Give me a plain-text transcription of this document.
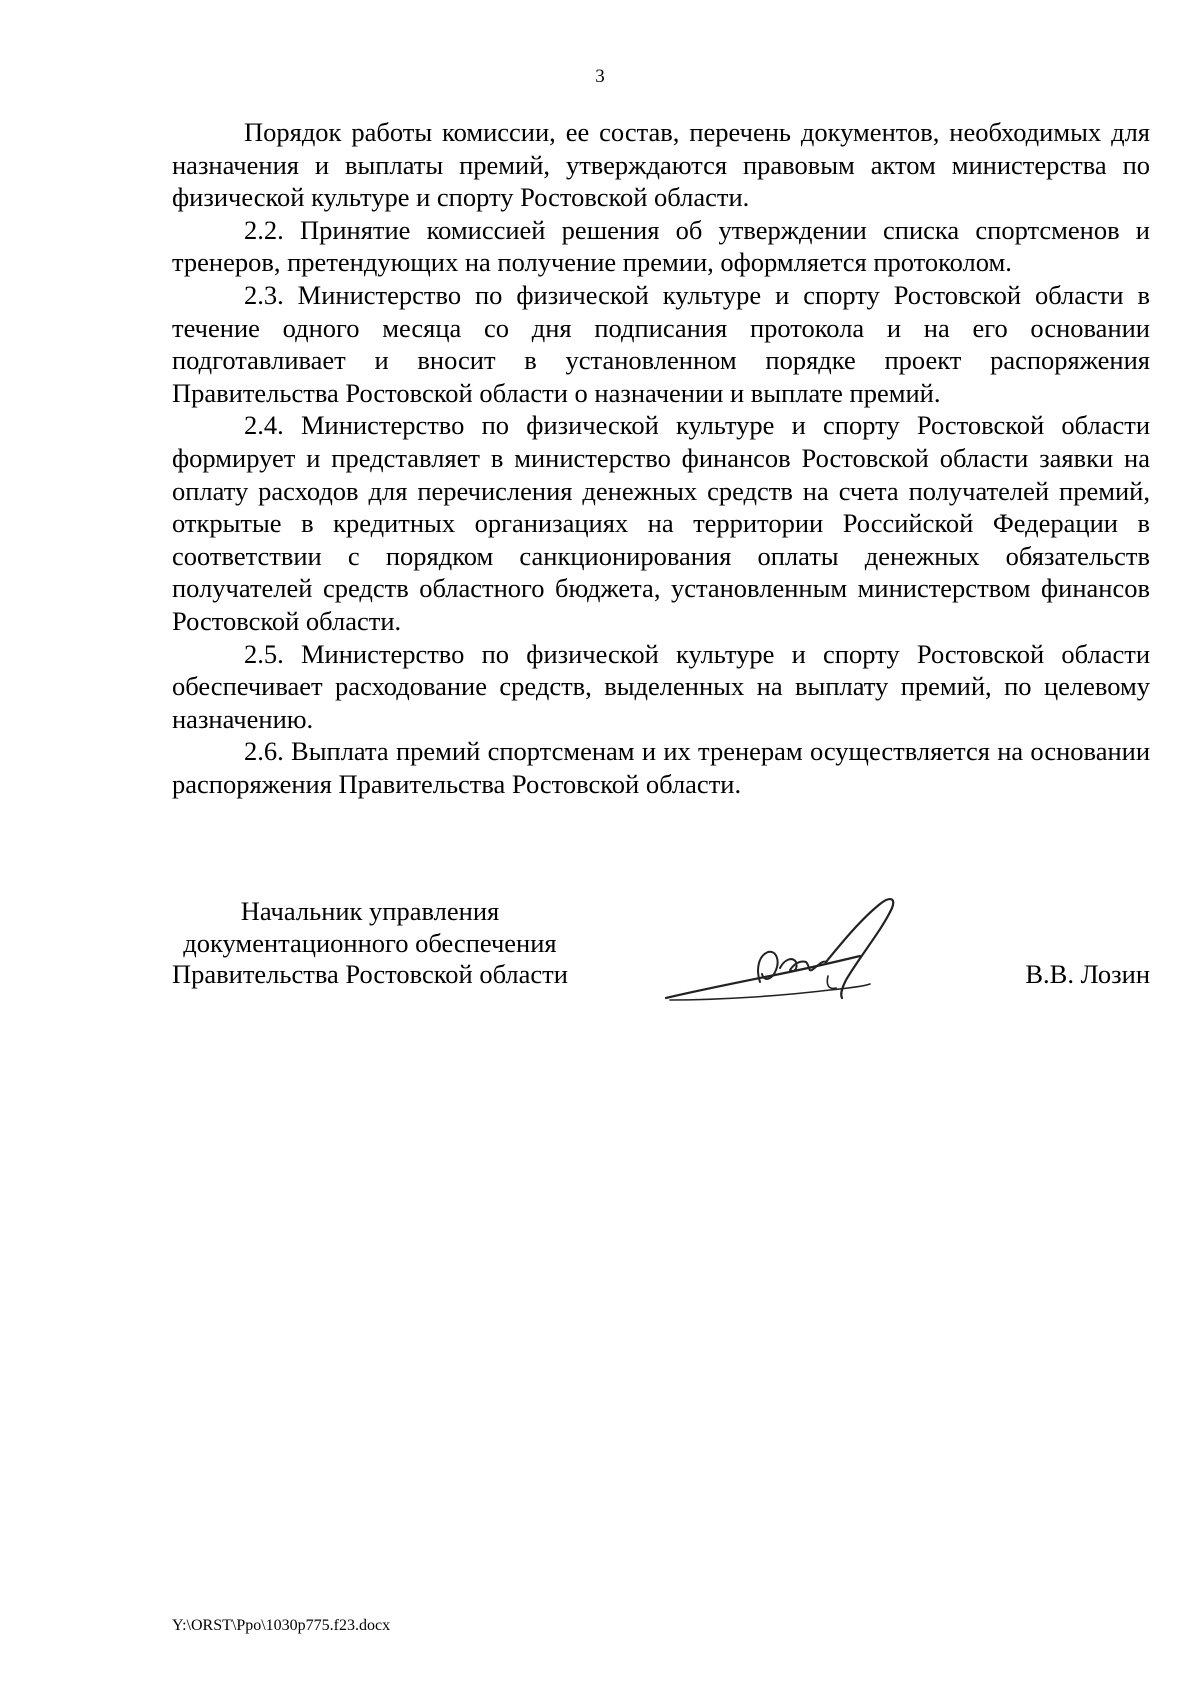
3

Порядок работы комиссии, ее состав, перечень документов, необходимых для назначения и выплаты премий, утверждаются правовым актом министерства по физической культуре и спорту Ростовской области.

2.2. Принятие комиссией решения об утверждении списка спортсменов и тренеров, претендующих на получение премии, оформляется протоколом.

2.3. Министерство по физической культуре и спорту Ростовской области в течение одного месяца со дня подписания протокола и на его основании подготавливает и вносит в установленном порядке проект распоряжения Правительства Ростовской области о назначении и выплате премий.

2.4. Министерство по физической культуре и спорту Ростовской области формирует и представляет в министерство финансов Ростовской области заявки на оплату расходов для перечисления денежных средств на счета получателей премий, открытые в кредитных организациях на территории Российской Федерации в соответствии с порядком санкционирования оплаты денежных обязательств получателей средств областного бюджета, установленным министерством финансов Ростовской области.

2.5. Министерство по физической культуре и спорту Ростовской области обеспечивает расходование средств, выделенных на выплату премий, по целевому назначению.

2.6. Выплата премий спортсменам и их тренерам осуществляется на основании распоряжения Правительства Ростовской области.

Начальник управления
документационного обеспечения
Правительства Ростовской области	В.В. Лозин
Y:\ORST\Ppo\1030p775.f23.docx
